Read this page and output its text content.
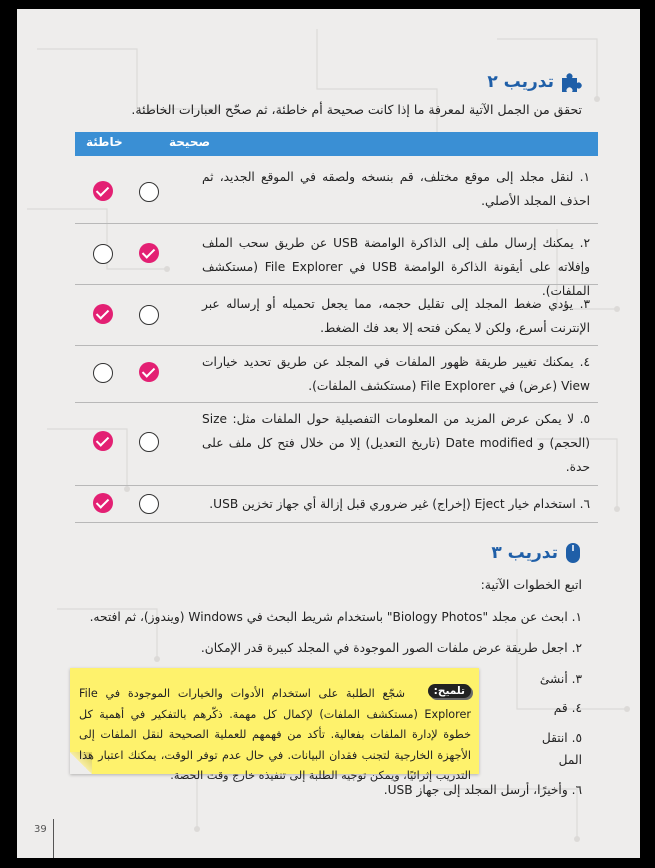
تدريب ٢
تحقق من الجمل الآتية لمعرفة ما إذا كانت صحيحة أم خاطئة، ثم صحّح العبارات الخاطئة.
صحيحة
خاطئة
١. لنقل مجلد إلى موقع مختلف، قم بنسخه ولصقه في الموقع الجديد، ثم احذف المجلد الأصلي.
٢. يمكنك إرسال ملف إلى الذاكرة الوامضة USB عن طريق سحب الملف وإفلاته على أيقونة الذاكرة الوامضة USB في File Explorer (مستكشف الملفات).
٣. يؤدي ضغط المجلد إلى تقليل حجمه، مما يجعل تحميله أو إرساله عبر الإنترنت أسرع، ولكن لا يمكن فتحه إلا بعد فك الضغط.
٤. يمكنك تغيير طريقة ظهور الملفات في المجلد عن طريق تحديد خيارات View (عرض) في File Explorer (مستكشف الملفات).
٥. لا يمكن عرض المزيد من المعلومات التفصيلية حول الملفات مثل: Size (الحجم) و Date modified (تاريخ التعديل) إلا من خلال فتح كل ملف على حدة.
٦. استخدام خيار Eject (إخراج) غير ضروري قبل إزالة أي جهاز تخزين USB.
تدريب ٣
اتبع الخطوات الآتية:
١. ابحث عن مجلد "Biology Photos" باستخدام شريط البحث في Windows (ويندوز)، ثم افتحه.
٢. اجعل طريقة عرض ملفات الصور الموجودة في المجلد كبيرة قدر الإمكان.
٣. أنشئ
٤. قم
٥. انتقل
المل
٦. وأخيرًا، أرسل المجلد إلى جهاز USB.
شجّع الطلبة على استخدام الأدوات والخيارات الموجودة في File Explorer (مستكشف الملفات) لإكمال كل مهمة. ذكّرهم بالتفكير في أهمية كل خطوة لإدارة الملفات بفعالية. تأكد من فهمهم للعملية الصحيحة لنقل الملفات إلى الأجهزة الخارجية لتجنب فقدان البيانات. في حال عدم توفر الوقت، يمكنك اعتبار هذا التدريب إثرائيًا، ويمكن توجيه الطلبة إلى تنفيذه خارج وقت الحصة.
تلميح:
39
